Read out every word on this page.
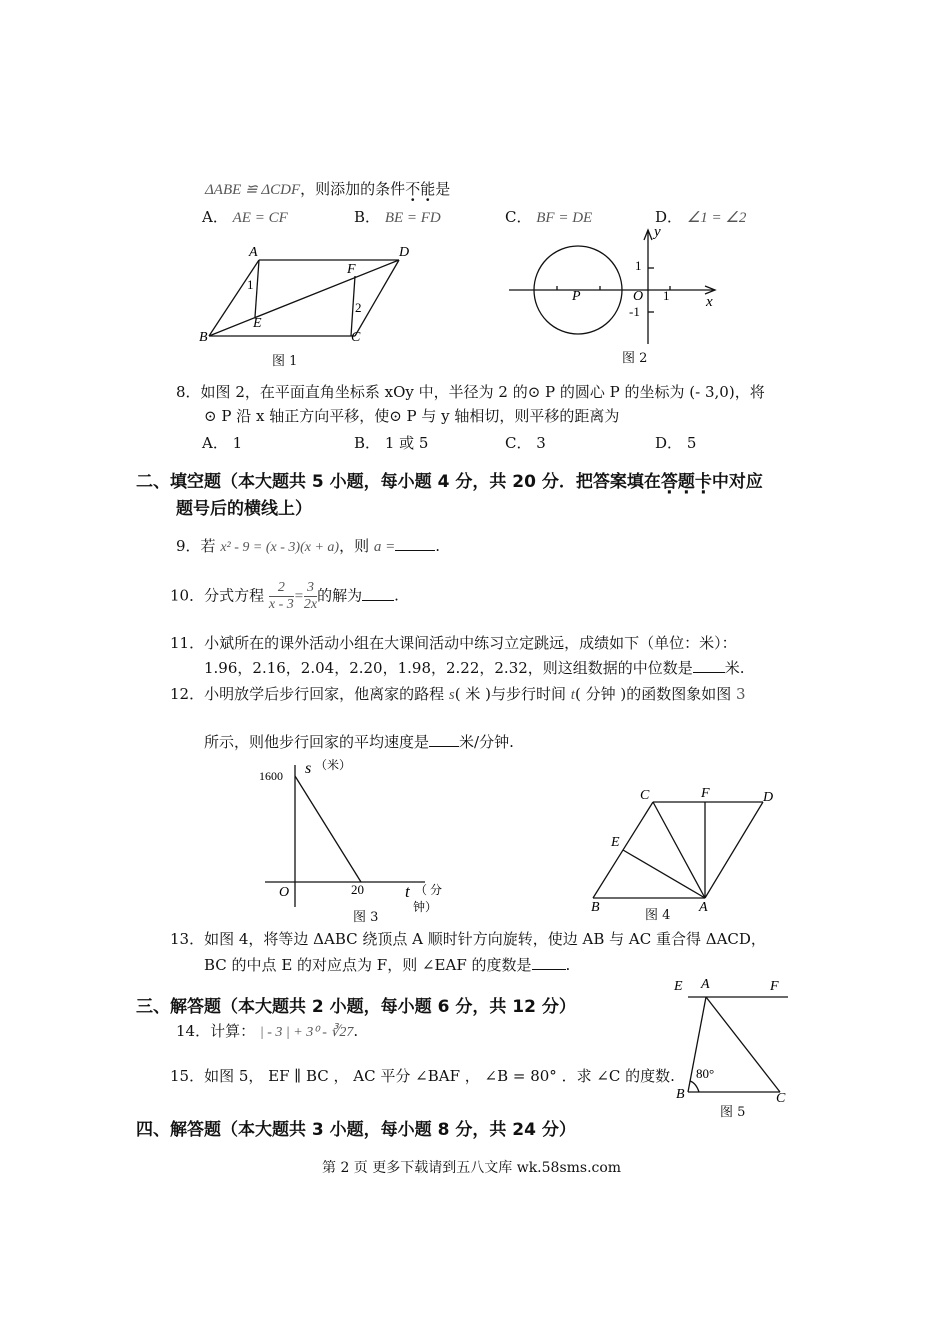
ΔABE ≌ ΔCDF，则添加的条件不能是
A． AE = CF	B． BE = FD	C． BF = DE	D． ∠1 = ∠2
A	D
F
1
2
E
B	C
图 1
y
1
P	O 1 x
-1
图 2
8．如图 2，在平面直角坐标系 xOy 中，半径为 2 的⊙ P 的圆心 P 的坐标为 (- 3,0)，将
⊙ P 沿 x 轴正方向平移，使⊙ P 与 y 轴相切，则平移的距离为
A． 1	B． 1 或 5	C． 3	D． 5
二、填空题（本大题共 5 小题，每小题 4 分，共 20 分．把答案填在答题卡中对应
题号后的横线上）
9．若 x² - 9 = (x - 3)(x + a)，则 a =	.
10．分式方程 $\frac{2}{x - 3} = \frac{3}{2x}$ 的解为 .
11．小斌所在的课外活动小组在大课间活动中练习立定跳远，成绩如下（单位：米）：
1.96，2.16，2.04，2.20，1.98，2.22，2.32，则这组数据的中位数是 米.
12．小明放学后步行回家，他离家的路程 s( 米 )与步行时间 t( 分钟 )的函数图象如图 3
所示，则他步行回家的平均速度是 米/分钟.
s （米）
1600
O	20 t （ 分
钟）
图 3
C	F	D
E
B	A
图 4
13．如图 4，将等边 ΔABC 绕顶点 A 顺时针方向旋转，使边 AB 与 AC 重合得 ΔACD，
BC 的中点 E 的对应点为 F，则 ∠EAF 的度数是 .
三、解答题（本大题共 2 小题，每小题 6 分，共 12 分）
14．计算： | - 3 | + 3⁰ - ∛27.
15．如图 5， EF ∥ BC ， AC 平分 ∠BAF ， ∠B = 80° ．求 ∠C 的度数.
E A	F
80°
B	C
图 5
四、解答题（本大题共 3 小题，每小题 8 分，共 24 分）
第 2 页 更多下载请到五八文库 wk.58sms.com
